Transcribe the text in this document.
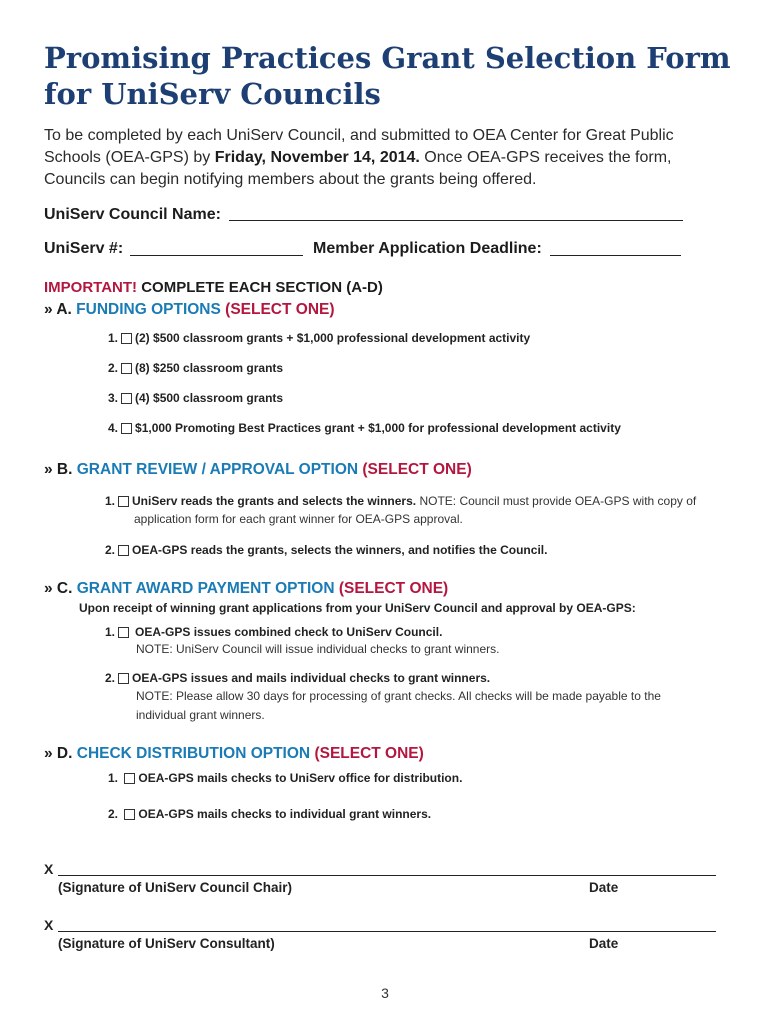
Promising Practices Grant Selection Form
for UniServ Councils

To be completed by each UniServ Council, and submitted to OEA Center for Great Public Schools (OEA-GPS) by Friday, November 14, 2014. Once OEA-GPS receives the form, Councils can begin notifying members about the grants being offered.

UniServ Council Name:
UniServ #:	Member Application Deadline:
IMPORTANT! COMPLETE EACH SECTION (A-D)
» A. FUNDING OPTIONS (SELECT ONE)
1. (2) $500 classroom grants + $1,000 professional development activity
2. (8) $250 classroom grants
3. (4) $500 classroom grants
4. $1,000 Promoting Best Practices grant + $1,000 for professional development activity
» B. GRANT REVIEW / APPROVAL OPTION (SELECT ONE)
1. UniServ reads the grants and selects the winners. NOTE: Council must provide OEA-GPS with copy of
application form for each grant winner for OEA-GPS approval.
2. OEA-GPS reads the grants, selects the winners, and notifies the Council.
» C. GRANT AWARD PAYMENT OPTION (SELECT ONE)
Upon receipt of winning grant applications from your UniServ Council and approval by OEA-GPS:
1. OEA-GPS issues combined check to UniServ Council.
NOTE: UniServ Council will issue individual checks to grant winners.
2. OEA-GPS issues and mails individual checks to grant winners.
NOTE: Please allow 30 days for processing of grant checks. All checks will be made payable to the
individual grant winners.
» D. CHECK DISTRIBUTION OPTION (SELECT ONE)
1. OEA-GPS mails checks to UniServ office for distribution.
2. OEA-GPS mails checks to individual grant winners.
X
(Signature of UniServ Council Chair)	Date
X
(Signature of UniServ Consultant)	Date
3
